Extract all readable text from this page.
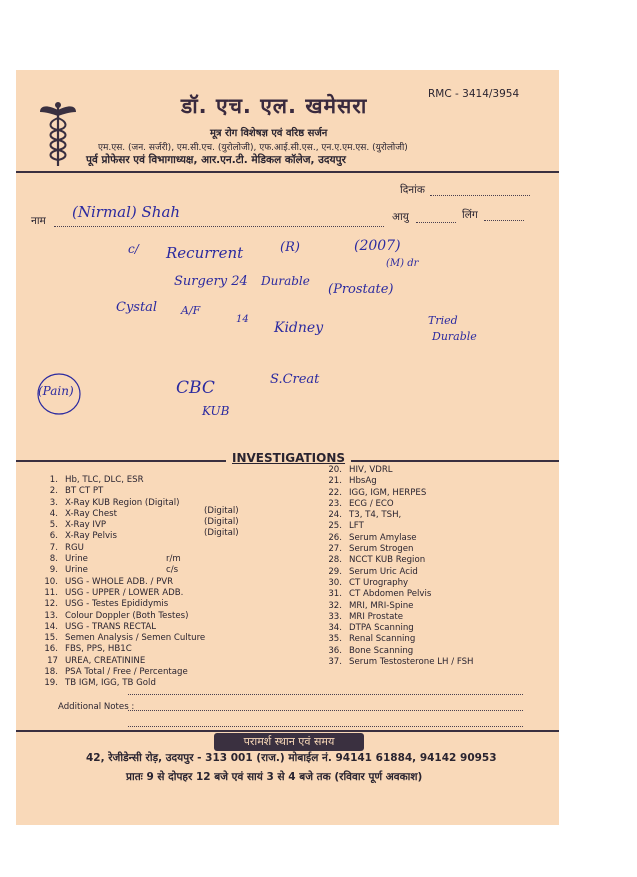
डॉ. एच. एल. खमेसरा	RMC - 3414/3954
मूत्र रोग विशेषज्ञ एवं वरिष्ठ सर्जन
एम.एस. (जन. सर्जरी), एम.सी.एच. (युरोलोजी), एफ.आई.सी.एस., एन.ए.एम.एस. (युरोलोजी)
पूर्व प्रोफेसर एवं विभागाध्यक्ष, आर.एन.टी. मेडिकल कॉलेज, उदयपुर
दिनांक
नाम	आयु	लिंग
(Nirmal) Shah
c/ Recurrent	(R)	(2007)
(M) dr
Surgery 24 Durable
(Prostate)
Cystal A/F
14
Kidney	Tried
Durable
(Pain)	CBC
KUB
S.Creat
INVESTIGATIONS
1. Hb, TLC, DLC, ESR
2. BT CT PT
3. X-Ray KUB Region (Digital)
4. X-Ray Chest
5. X-Ray IVP
6. X-Ray Pelvis
7. RGU
8. Urine
9. Urine
10. USG - WHOLE ADB. / PVR
11. USG - UPPER / LOWER ADB.
12. USG - Testes Epididymis
13. Colour Doppler (Both Testes)
14. USG - TRANS RECTAL
15. Semen Analysis / Semen Culture
16. FBS, PPS, HB1C
17 UREA, CREATININE
18. PSA Total / Free / Percentage
19. TB IGM, IGG, TB Gold
20. HIV, VDRL
21. HbsAg
22. IGG, IGM, HERPES
23. ECG / ECO
24. T3, T4, TSH,
25. LFT
26. Serum Amylase
27. Serum Strogen
28. NCCT KUB Region
29. Serum Uric Acid
30. CT Urography
31. CT Abdomen Pelvis
32. MRI, MRI-Spine
33. MRI Prostate
34. DTPA Scanning
35. Renal Scanning
36. Bone Scanning
37. Serum Testosterone LH / FSH
(Digital)
(Digital)
(Digital)
r/m
c/s
Additional Notes :
परामर्श स्थान एवं समय
42, रेजीडेन्सी रोड़, उदयपुर - 313 001 (राज.) मोबाईल नं. 94141 61884, 94142 90953
प्रातः 9 से दोपहर 12 बजे एवं सायं 3 से 4 बजे तक (रविवार पूर्ण अवकाश)
